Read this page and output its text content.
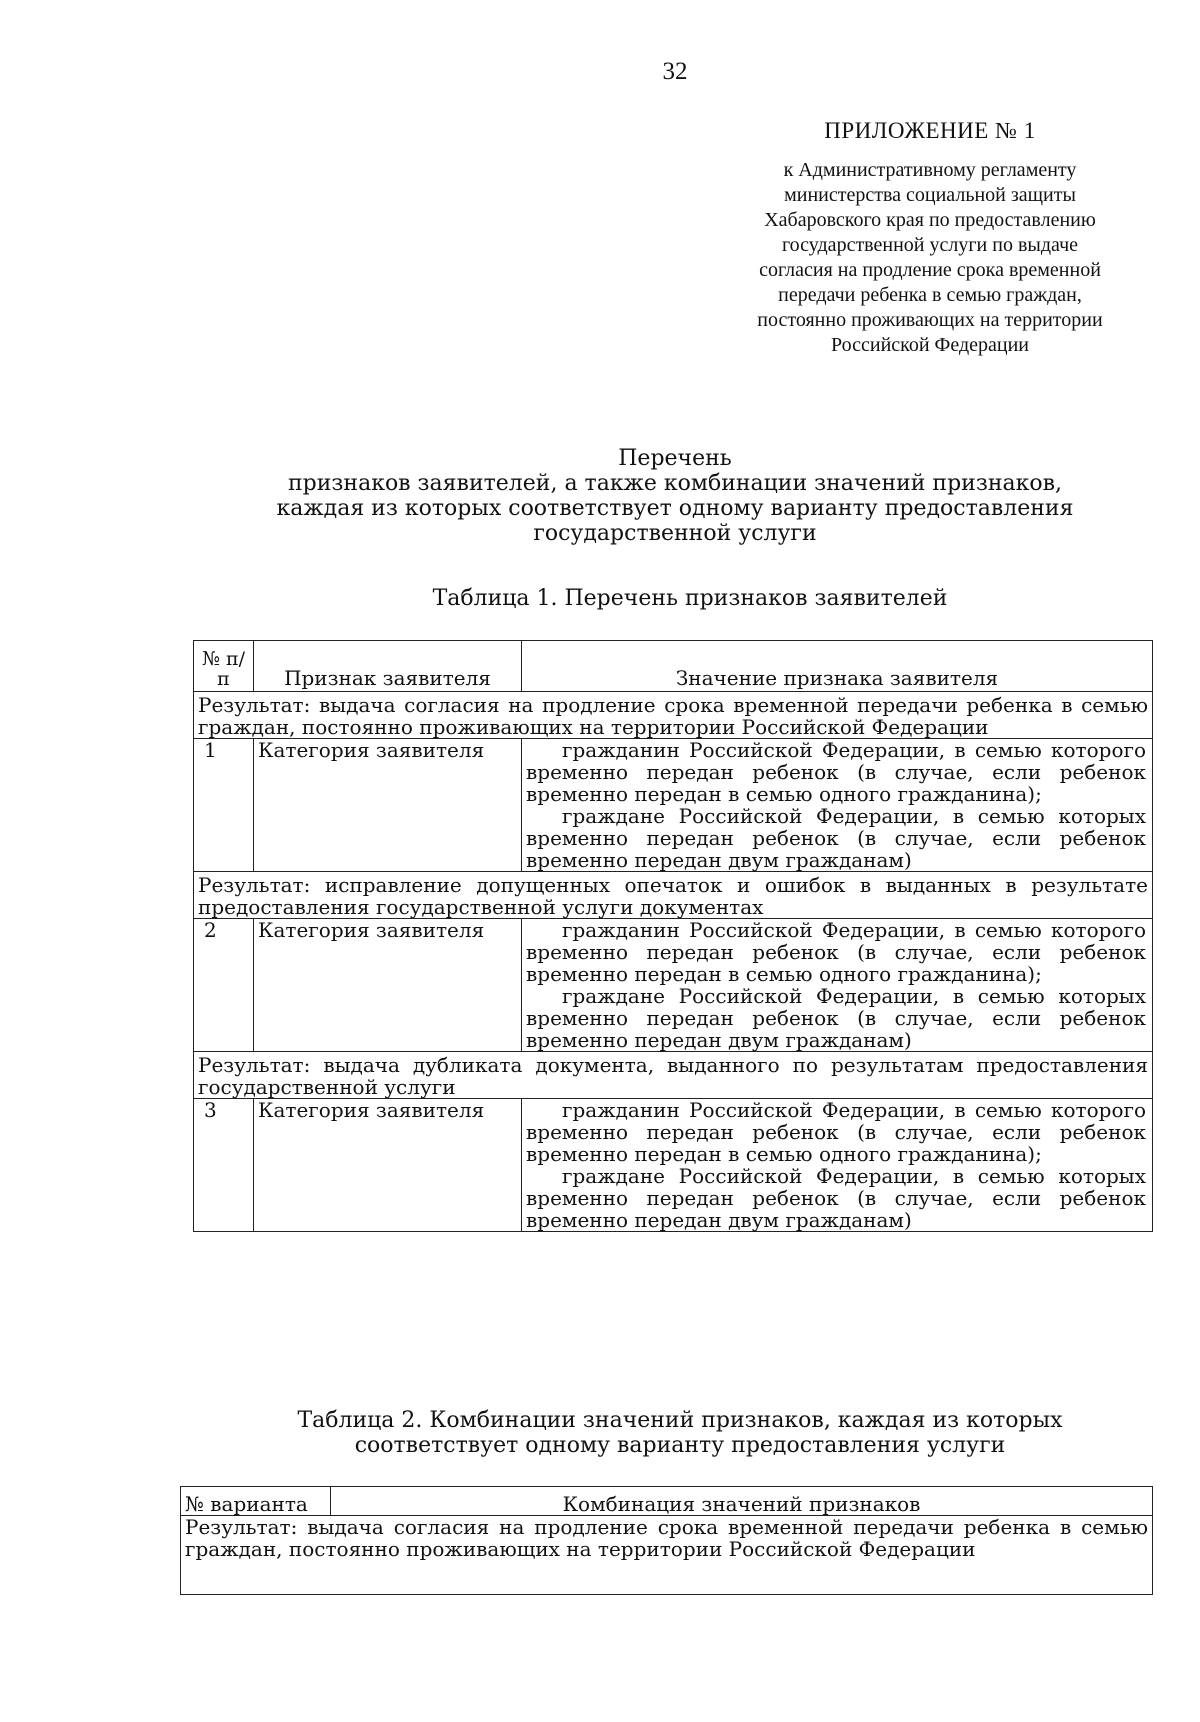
32
ПРИЛОЖЕНИЕ № 1
к Административному регламенту
министерства социальной защиты
Хабаровского края по предоставлению
государственной услуги по выдаче
согласия на продление срока временной
передачи ребенка в семью граждан,
постоянно проживающих на территории
Российской Федерации
Перечень
признаков заявителей, а также комбинации значений признаков,
каждая из которых соответствует одному варианту предоставления
государственной услуги
Таблица 1. Перечень признаков заявителей
№ п/п	Признак заявителя	Значение признака заявителя
Результат: выдача согласия на продление срока временной передачи ребенка в семью граждан, постоянно проживающих на территории Российской Федерации		
1	Категория заявителя	гражданин Российской Федерации, в семью которого временно передан ребенок (в случае, если ребенок временно передан в семью одного гражданина);

граждане Российской Федерации, в семью которых временно передан ребенок (в случае, если ребенок временно передан двум гражданам)

Результат: исправление допущенных опечаток и ошибок в выданных в результате предоставления государственной услуги документах		
2	Категория заявителя	гражданин Российской Федерации, в семью которого временно передан ребенок (в случае, если ребенок временно передан в семью одного гражданина);

граждане Российской Федерации, в семью которых временно передан ребенок (в случае, если ребенок временно передан двум гражданам)

Результат: выдача дубликата документа, выданного по результатам предоставления государственной услуги		
3	Категория заявителя	гражданин Российской Федерации, в семью которого временно передан ребенок (в случае, если ребенок временно передан в семью одного гражданина);

граждане Российской Федерации, в семью которых временно передан ребенок (в случае, если ребенок временно передан двум гражданам)

Таблица 2. Комбинации значений признаков, каждая из которых
соответствует одному варианту предоставления услуги
№ варианта	Комбинация значений признаков
Результат: выдача согласия на продление срока временной передачи ребенка в семью граждан, постоянно проживающих на территории Российской Федерации
